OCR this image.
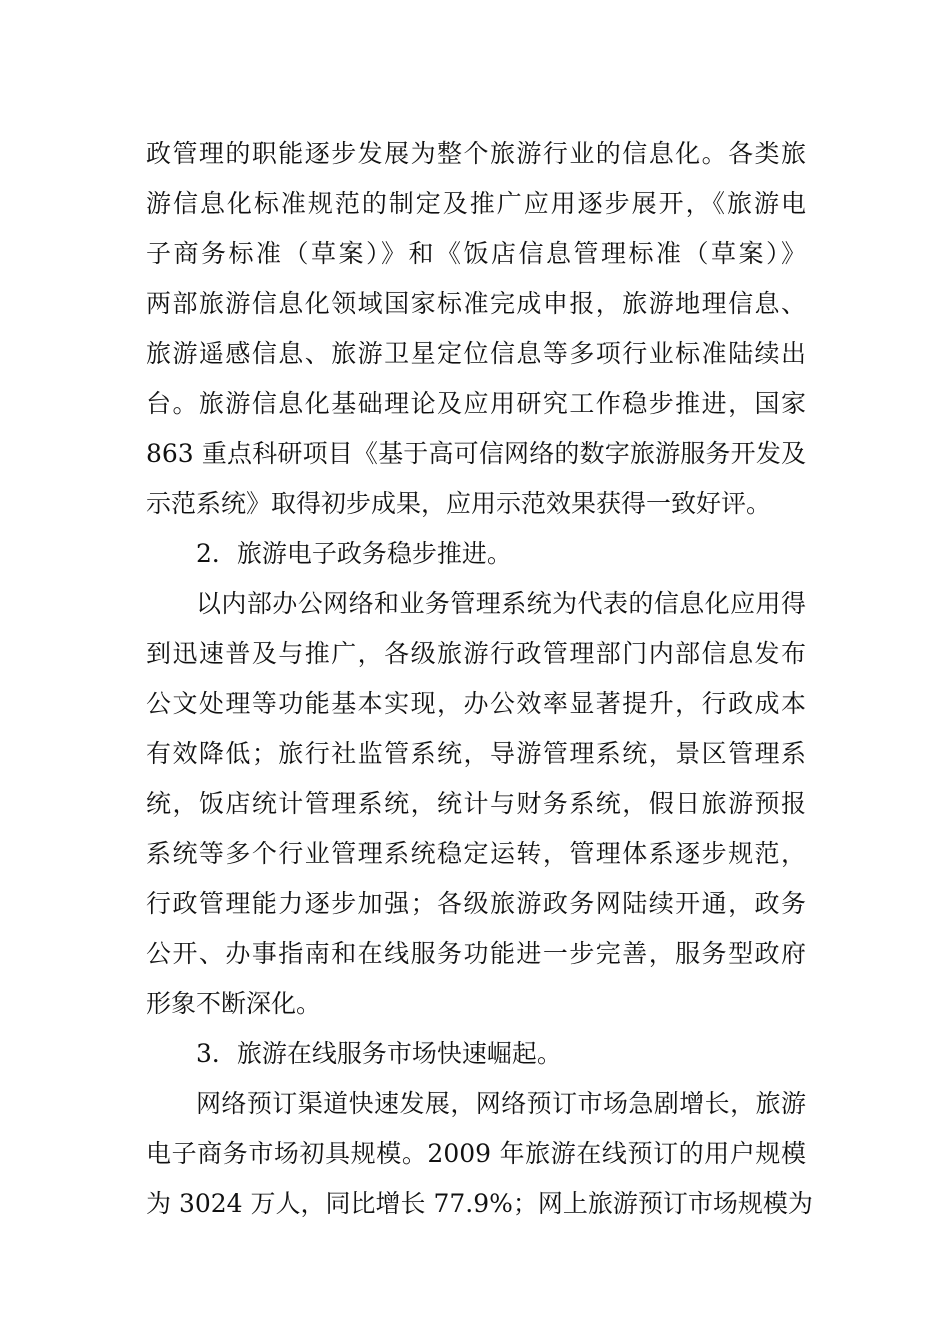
政管理的职能逐步发展为整个旅游行业的信息化。各类旅
游信息化标准规范的制定及推广应用逐步展开，《旅游电
子商务标准（草案）》和《饭店信息管理标准（草案）》
两部旅游信息化领域国家标准完成申报，旅游地理信息、
旅游遥感信息、旅游卫星定位信息等多项行业标准陆续出
台。旅游信息化基础理论及应用研究工作稳步推进，国家
863 重点科研项目《基于高可信网络的数字旅游服务开发及
示范系统》取得初步成果，应用示范效果获得一致好评。
2．旅游电子政务稳步推进。
以内部办公网络和业务管理系统为代表的信息化应用得
到迅速普及与推广，各级旅游行政管理部门内部信息发布
公文处理等功能基本实现，办公效率显著提升，行政成本
有效降低；旅行社监管系统，导游管理系统，景区管理系
统，饭店统计管理系统，统计与财务系统，假日旅游预报
系统等多个行业管理系统稳定运转，管理体系逐步规范，
行政管理能力逐步加强；各级旅游政务网陆续开通，政务
公开、办事指南和在线服务功能进一步完善，服务型政府
形象不断深化。
3．旅游在线服务市场快速崛起。
网络预订渠道快速发展，网络预订市场急剧增长，旅游
电子商务市场初具规模。2009 年旅游在线预订的用户规模
为 3024 万人，同比增长 77.9%；网上旅游预订市场规模为
